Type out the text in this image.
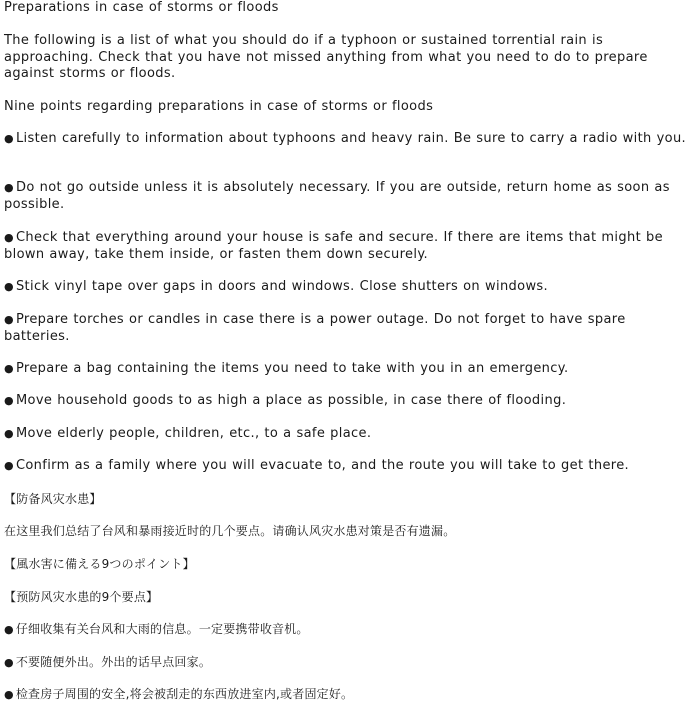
Preparations in case of storms or floods
The following is a list of what you should do if a typhoon or sustained torrential rain is approaching. Check that you have not missed anything from what you need to do to prepare against storms or floods.
Nine points regarding preparations in case of storms or floods
● Listen carefully to information about typhoons and heavy rain. Be sure to carry a radio with you.
● Do not go outside unless it is absolutely necessary. If you are outside, return home as soon as possible.
● Check that everything around your house is safe and secure. If there are items that might be blown away, take them inside, or fasten them down securely.
● Stick vinyl tape over gaps in doors and windows. Close shutters on windows.
● Prepare torches or candles in case there is a power outage. Do not forget to have spare batteries.
● Prepare a bag containing the items you need to take with you in an emergency.
● Move household goods to as high a place as possible, in case there of flooding.
● Move elderly people, children, etc., to a safe place.
● Confirm as a family where you will evacuate to, and the route you will take to get there.
【防备风灾水患】
在这里我们总结了台风和暴雨接近时的几个要点。请确认风灾水患对策是否有遗漏。
【風水害に備える9つのポイント】
【预防风灾水患的9个要点】
● 仔细收集有关台风和大雨的信息。一定要携带收音机。
● 不要随便外出。外出的话早点回家。
● 检查房子周围的安全,将会被刮走的东西放进室内,或者固定好。
